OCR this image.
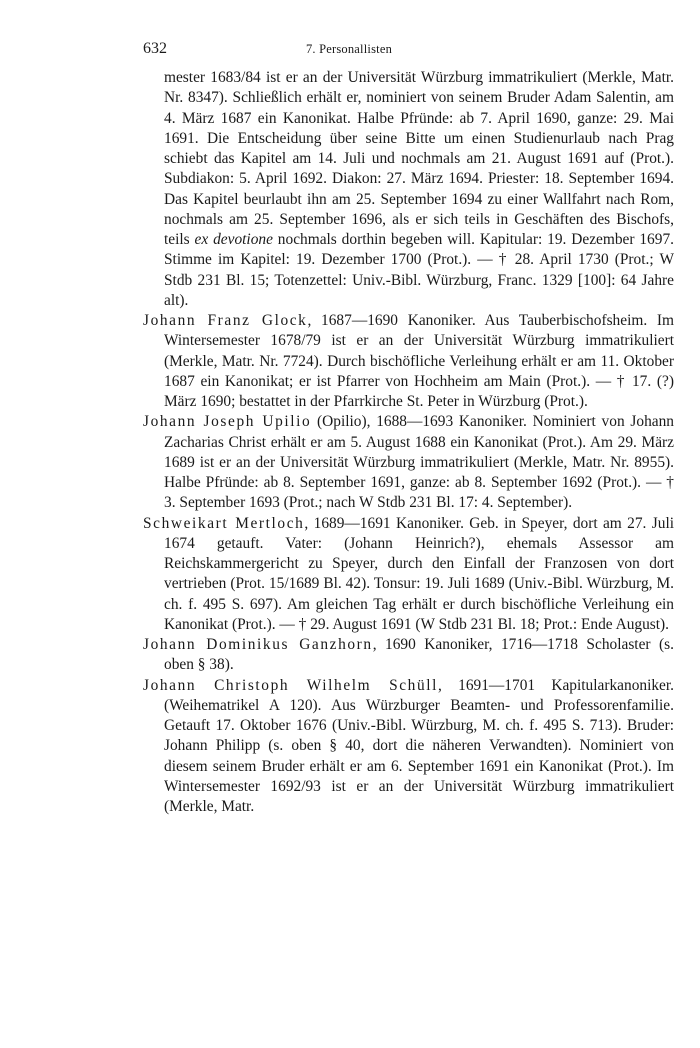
632	7. Personallisten

mester 1683/84 ist er an der Universität Würzburg immatrikuliert (Merkle, Matr. Nr. 8347). Schließlich erhält er, nominiert von seinem Bruder Adam Salentin, am 4. März 1687 ein Kanonikat. Halbe Pfründe: ab 7. April 1690, ganze: 29. Mai 1691. Die Entscheidung über seine Bitte um einen Studienurlaub nach Prag schiebt das Kapitel am 14. Juli und nochmals am 21. August 1691 auf (Prot.). Subdiakon: 5. April 1692. Diakon: 27. März 1694. Priester: 18. September 1694. Das Kapitel beurlaubt ihn am 25. September 1694 zu einer Wallfahrt nach Rom, nochmals am 25. September 1696, als er sich teils in Geschäften des Bischofs, teils ex devotione nochmals dorthin begeben will. Kapitular: 19. Dezember 1697. Stimme im Kapitel: 19. Dezember 1700 (Prot.). — † 28. April 1730 (Prot.; W Stdb 231 Bl. 15; Totenzettel: Univ.-Bibl. Würzburg, Franc. 1329 [100]: 64 Jahre alt).

Johann Franz Glock, 1687—1690 Kanoniker. Aus Tauberbischofsheim. Im Wintersemester 1678/79 ist er an der Universität Würzburg immatrikuliert (Merkle, Matr. Nr. 7724). Durch bischöfliche Verleihung erhält er am 11. Oktober 1687 ein Kanonikat; er ist Pfarrer von Hochheim am Main (Prot.). — † 17. (?) März 1690; bestattet in der Pfarrkirche St. Peter in Würzburg (Prot.).

Johann Joseph Upilio (Opilio), 1688—1693 Kanoniker. Nominiert von Johann Zacharias Christ erhält er am 5. August 1688 ein Kanonikat (Prot.). Am 29. März 1689 ist er an der Universität Würzburg immatrikuliert (Merkle, Matr. Nr. 8955). Halbe Pfründe: ab 8. September 1691, ganze: ab 8. September 1692 (Prot.). — † 3. September 1693 (Prot.; nach W Stdb 231 Bl. 17: 4. September).

Schweikart Mertloch, 1689—1691 Kanoniker. Geb. in Speyer, dort am 27. Juli 1674 getauft. Vater: (Johann Heinrich?), ehemals Assessor am Reichskammergericht zu Speyer, durch den Einfall der Franzosen von dort vertrieben (Prot. 15/1689 Bl. 42). Tonsur: 19. Juli 1689 (Univ.-Bibl. Würzburg, M. ch. f. 495 S. 697). Am gleichen Tag erhält er durch bischöfliche Verleihung ein Kanonikat (Prot.). — † 29. August 1691 (W Stdb 231 Bl. 18; Prot.: Ende August).

Johann Dominikus Ganzhorn, 1690 Kanoniker, 1716—1718 Scholaster (s. oben § 38).

Johann Christoph Wilhelm Schüll, 1691—1701 Kapitularkanoniker. (Weihematrikel A 120). Aus Würzburger Beamten- und Professorenfamilie. Getauft 17. Oktober 1676 (Univ.-Bibl. Würzburg, M. ch. f. 495 S. 713). Bruder: Johann Philipp (s. oben § 40, dort die näheren Verwandten). Nominiert von diesem seinem Bruder erhält er am 6. September 1691 ein Kanonikat (Prot.). Im Wintersemester 1692/93 ist er an der Universität Würzburg immatrikuliert (Merkle, Matr.
